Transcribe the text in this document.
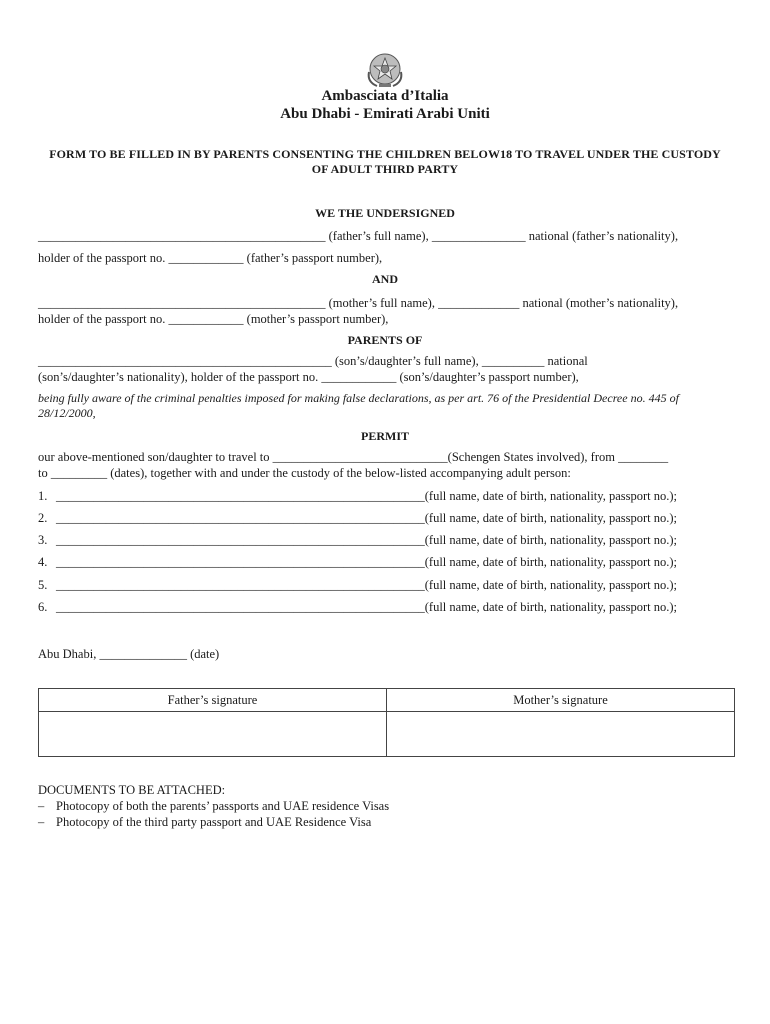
Ambasciata d’Italia
Abu Dhabi - Emirati Arabi Uniti
FORM TO BE FILLED IN BY PARENTS CONSENTING THE CHILDREN BELOW18 TO TRAVEL UNDER THE CUSTODY OF ADULT THIRD PARTY
WE THE UNDERSIGNED
______________________________________________ (father’s full name), _______________ national (father’s nationality),
holder of the passport no. ____________ (father’s passport number),
AND
______________________________________________ (mother’s full name), _____________ national (mother’s nationality),
holder of the passport no. ____________ (mother’s passport number),
PARENTS OF
_______________________________________________ (son’s/daughter’s full name), __________ national
(son’s/daughter’s nationality), holder of the passport no. ____________ (son’s/daughter’s passport number),
being fully aware of the criminal penalties imposed for making false declarations, as per art. 76 of the Presidential Decree no. 445 of 28/12/2000,
PERMIT
our above-mentioned son/daughter to travel to ____________________________(Schengen States involved), from ________
to _________ (dates), together with and under the custody of the below-listed accompanying adult person:
1. ___________________________________________________________(full name, date of birth, nationality, passport no.);
2. ___________________________________________________________(full name, date of birth, nationality, passport no.);
3. ___________________________________________________________(full name, date of birth, nationality, passport no.);
4. ___________________________________________________________(full name, date of birth, nationality, passport no.);
5. ___________________________________________________________(full name, date of birth, nationality, passport no.);
6. ___________________________________________________________(full name, date of birth, nationality, passport no.);
Abu Dhabi, ______________ (date)
Father’s signature	Mother’s signature

DOCUMENTS TO BE ATTACHED:
– Photocopy of both the parents’ passports and UAE residence Visas
– Photocopy of the third party passport and UAE Residence Visa
